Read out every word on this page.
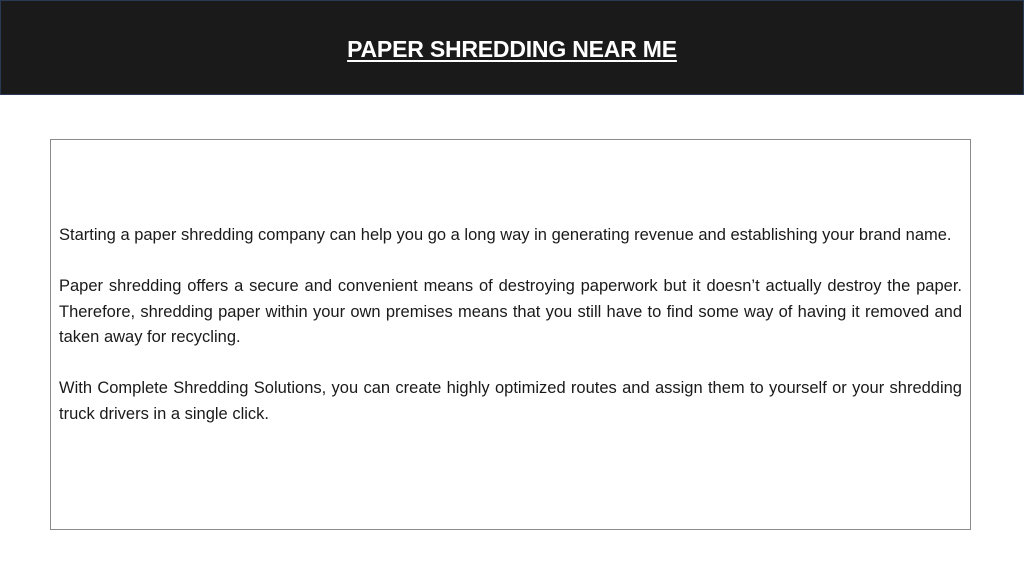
PAPER SHREDDING NEAR ME

Starting a paper shredding company can help you go a long way in generating revenue and establishing your brand name.

Paper shredding offers a secure and convenient means of destroying paperwork but it doesn’t actually destroy the paper. Therefore, shredding paper within your own premises means that you still have to find some way of having it removed and taken away for recycling.

With Complete Shredding Solutions, you can create highly optimized routes and assign them to yourself or your shredding truck drivers in a single click.
